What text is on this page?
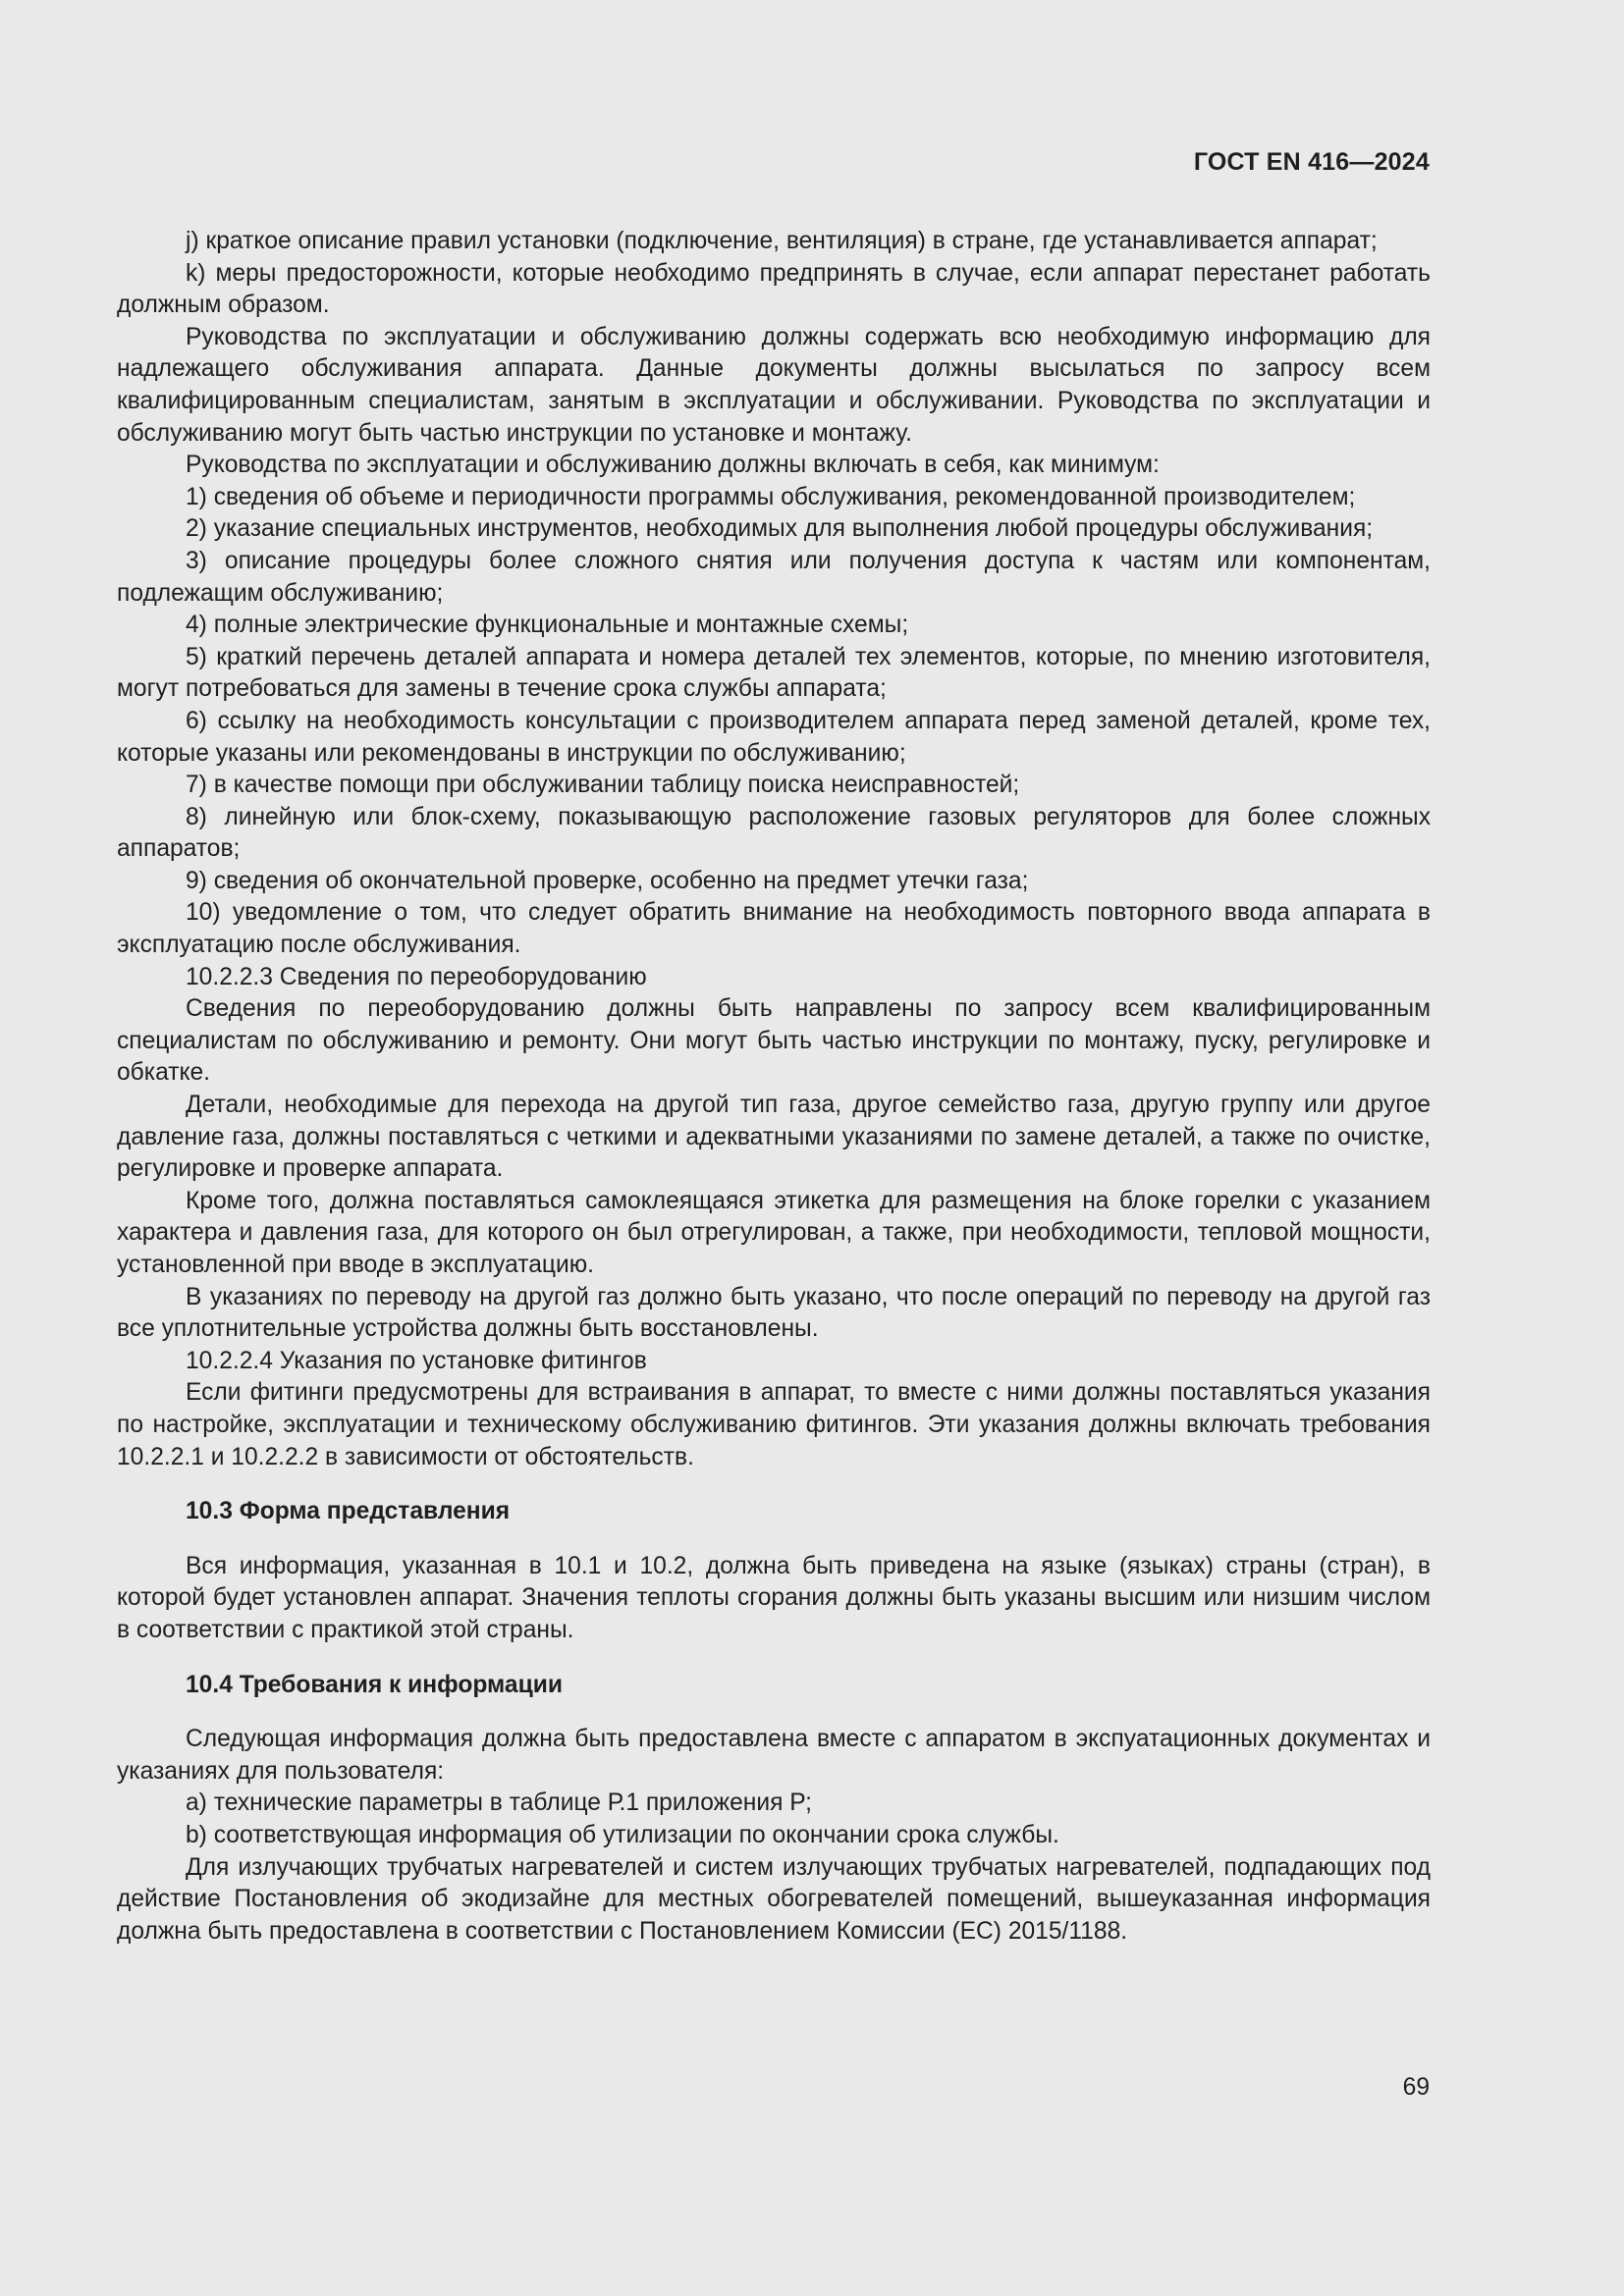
ГОСТ EN 416—2024

j) краткое описание правил установки (подключение, вентиляция) в стране, где устанавливается аппарат;

k) меры предосторожности, которые необходимо предпринять в случае, если аппарат перестанет работать должным образом.

Руководства по эксплуатации и обслуживанию должны содержать всю необходимую информацию для надлежащего обслуживания аппарата. Данные документы должны высылаться по запросу всем квалифицированным специалистам, занятым в эксплуатации и обслуживании. Руководства по эксплуатации и обслуживанию могут быть частью инструкции по установке и монтажу.

Руководства по эксплуатации и обслуживанию должны включать в себя, как минимум:

1) сведения об объеме и периодичности программы обслуживания, рекомендованной производителем;

2) указание специальных инструментов, необходимых для выполнения любой процедуры обслуживания;

3) описание процедуры более сложного снятия или получения доступа к частям или компонентам, подлежащим обслуживанию;

4) полные электрические функциональные и монтажные схемы;

5) краткий перечень деталей аппарата и номера деталей тех элементов, которые, по мнению изготовителя, могут потребоваться для замены в течение срока службы аппарата;

6) ссылку на необходимость консультации с производителем аппарата перед заменой деталей, кроме тех, которые указаны или рекомендованы в инструкции по обслуживанию;

7) в качестве помощи при обслуживании таблицу поиска неисправностей;

8) линейную или блок-схему, показывающую расположение газовых регуляторов для более сложных аппаратов;

9) сведения об окончательной проверке, особенно на предмет утечки газа;

10) уведомление о том, что следует обратить внимание на необходимость повторного ввода аппарата в эксплуатацию после обслуживания.

10.2.2.3 Сведения по переоборудованию

Сведения по переоборудованию должны быть направлены по запросу всем квалифицированным специалистам по обслуживанию и ремонту. Они могут быть частью инструкции по монтажу, пуску, регулировке и обкатке.

Детали, необходимые для перехода на другой тип газа, другое семейство газа, другую группу или другое давление газа, должны поставляться с четкими и адекватными указаниями по замене деталей, а также по очистке, регулировке и проверке аппарата.

Кроме того, должна поставляться самоклеящаяся этикетка для размещения на блоке горелки с указанием характера и давления газа, для которого он был отрегулирован, а также, при необходимости, тепловой мощности, установленной при вводе в эксплуатацию.

В указаниях по переводу на другой газ должно быть указано, что после операций по переводу на другой газ все уплотнительные устройства должны быть восстановлены.

10.2.2.4 Указания по установке фитингов

Если фитинги предусмотрены для встраивания в аппарат, то вместе с ними должны поставляться указания по настройке, эксплуатации и техническому обслуживанию фитингов. Эти указания должны включать требования 10.2.2.1 и 10.2.2.2 в зависимости от обстоятельств.

10.3 Форма представления

Вся информация, указанная в 10.1 и 10.2, должна быть приведена на языке (языках) страны (стран), в которой будет установлен аппарат. Значения теплоты сгорания должны быть указаны высшим или низшим числом в соответствии с практикой этой страны.

10.4 Требования к информации

Следующая информация должна быть предоставлена вместе с аппаратом в экспуатационных документах и указаниях для пользователя:

a) технические параметры в таблице Р.1 приложения Р;

b) соответствующая информация об утилизации по окончании срока службы.

Для излучающих трубчатых нагревателей и систем излучающих трубчатых нагревателей, подпадающих под действие Постановления об экодизайне для местных обогревателей помещений, вышеуказанная информация должна быть предоставлена в соответствии с Постановлением Комиссии (ЕС) 2015/1188.

69
